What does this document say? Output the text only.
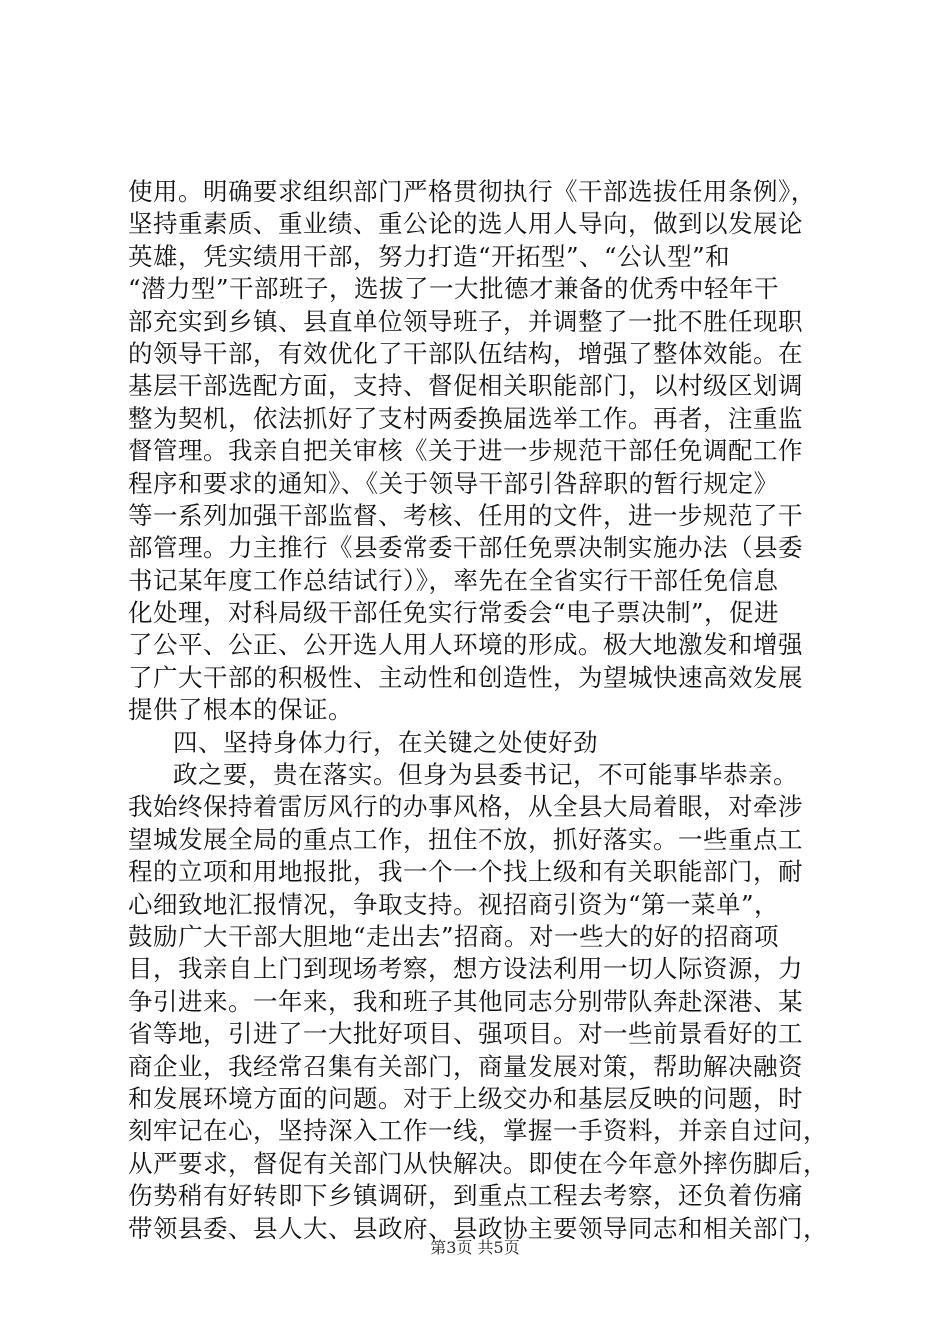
使用。明确要求组织部门严格贯彻执行《干部选拔任用条例》，
坚持重素质、重业绩、重公论的选人用人导向，做到以发展论
英雄，凭实绩用干部，努力打造“开拓型”、“公认型”和
“潜力型”干部班子，选拔了一大批德才兼备的优秀中轻年干
部充实到乡镇、县直单位领导班子，并调整了一批不胜任现职
的领导干部，有效优化了干部队伍结构，增强了整体效能。在
基层干部选配方面，支持、督促相关职能部门，以村级区划调
整为契机，依法抓好了支村两委换届选举工作。再者，注重监
督管理。我亲自把关审核《关于进一步规范干部任免调配工作
程序和要求的通知》、《关于领导干部引咎辞职的暂行规定》
等一系列加强干部监督、考核、任用的文件，进一步规范了干
部管理。力主推行《县委常委干部任免票决制实施办法（县委
书记某年度工作总结试行）》，率先在全省实行干部任免信息
化处理，对科局级干部任免实行常委会“电子票决制”，促进
了公平、公正、公开选人用人环境的形成。极大地激发和增强
了广大干部的积极性、主动性和创造性，为望城快速高效发展
提供了根本的保证。
四、坚持身体力行，在关键之处使好劲
政之要，贵在落实。但身为县委书记，不可能事毕恭亲。
我始终保持着雷厉风行的办事风格，从全县大局着眼，对牵涉
望城发展全局的重点工作，扭住不放，抓好落实。一些重点工
程的立项和用地报批，我一个一个找上级和有关职能部门，耐
心细致地汇报情况，争取支持。视招商引资为“第一菜单”，
鼓励广大干部大胆地“走出去”招商。对一些大的好的招商项
目，我亲自上门到现场考察，想方设法利用一切人际资源，力
争引进来。一年来，我和班子其他同志分别带队奔赴深港、某
省等地，引进了一大批好项目、强项目。对一些前景看好的工
商企业，我经常召集有关部门，商量发展对策，帮助解决融资
和发展环境方面的问题。对于上级交办和基层反映的问题，时
刻牢记在心，坚持深入工作一线，掌握一手资料，并亲自过问，
从严要求，督促有关部门从快解决。即使在今年意外摔伤脚后，
伤势稍有好转即下乡镇调研，到重点工程去考察，还负着伤痛
带领县委、县人大、县政府、县政协主要领导同志和相关部门，
第3页 共5页
